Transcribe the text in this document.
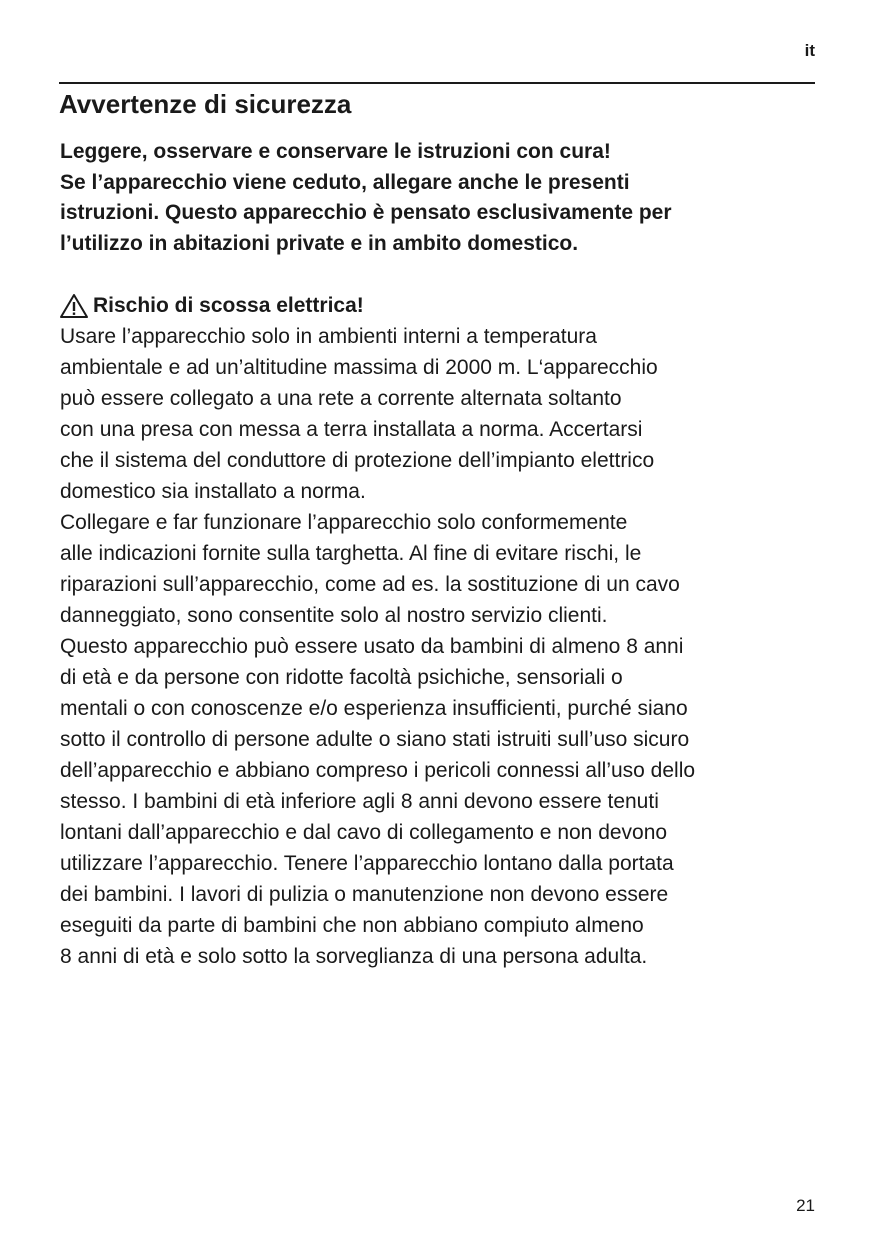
it
Avvertenze di sicurezza
Leggere, osservare e conservare le istruzioni con cura!
Se l’apparecchio viene ceduto, allegare anche le presenti
istruzioni. Questo apparecchio è pensato esclusivamente per
l’utilizzo in abitazioni private e in ambito domestico.
Rischio di scossa elettrica!
Usare l’apparecchio solo in ambienti interni a temperatura
ambientale e ad un’altitudine massima di 2000 m. L‘apparecchio
può essere collegato a una rete a corrente alternata soltanto
con una presa con messa a terra installata a norma. Accertarsi
che il sistema del conduttore di protezione dell’impianto elettrico
domestico sia installato a norma.
Collegare e far funzionare l’apparecchio solo conformemente
alle indicazioni fornite sulla targhetta. Al fine di evitare rischi, le
riparazioni sull’apparecchio, come ad es. la sostituzione di un cavo
danneggiato, sono consentite solo al nostro servizio clienti.
Questo apparecchio può essere usato da bambini di almeno 8 anni
di età e da persone con ridotte facoltà psichiche, sensoriali o
mentali o con conoscenze e/o esperienza insufficienti, purché siano
sotto il controllo di persone adulte o siano stati istruiti sull’uso sicuro
dell’apparecchio e abbiano compreso i pericoli connessi all’uso dello
stesso. I bambini di età inferiore agli 8 anni devono essere tenuti
lontani dall’apparecchio e dal cavo di collegamento e non devono
utilizzare l’apparecchio. Tenere l’apparecchio lontano dalla portata
dei bambini. I lavori di pulizia o manutenzione non devono essere
eseguiti da parte di bambini che non abbiano compiuto almeno
8 anni di età e solo sotto la sorveglianza di una persona adulta.
21
